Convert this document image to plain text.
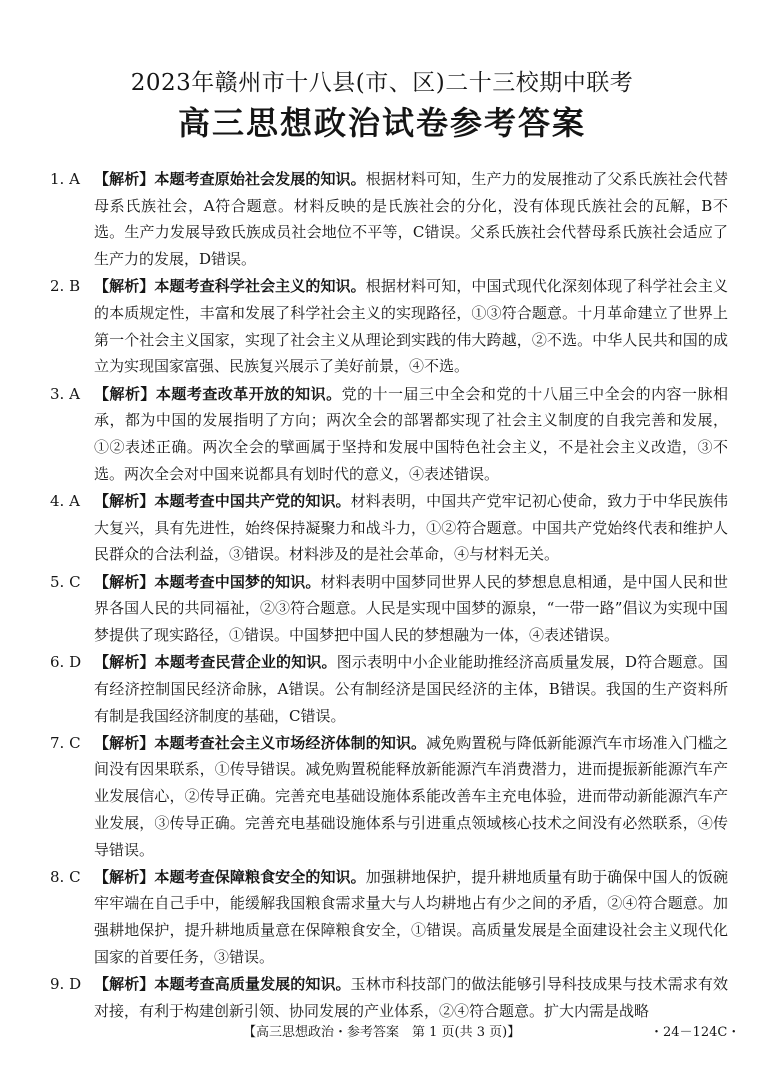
2023年赣州市十八县(市、区)二十三校期中联考
高三思想政治试卷参考答案
1. A 【解析】本题考查原始社会发展的知识。根据材料可知，生产力的发展推动了父系氏族社会代替母系氏族社会，A符合题意。材料反映的是氏族社会的分化，没有体现氏族社会的瓦解，B不选。生产力发展导致氏族成员社会地位不平等，C错误。父系氏族社会代替母系氏族社会适应了生产力的发展，D错误。
2. B 【解析】本题考查科学社会主义的知识。根据材料可知，中国式现代化深刻体现了科学社会主义的本质规定性，丰富和发展了科学社会主义的实现路径，①③符合题意。十月革命建立了世界上第一个社会主义国家，实现了社会主义从理论到实践的伟大跨越，②不选。中华人民共和国的成立为实现国家富强、民族复兴展示了美好前景，④不选。
3. A 【解析】本题考查改革开放的知识。党的十一届三中全会和党的十八届三中全会的内容一脉相承，都为中国的发展指明了方向；两次全会的部署都实现了社会主义制度的自我完善和发展，①②表述正确。两次全会的擘画属于坚持和发展中国特色社会主义，不是社会主义改造，③不选。两次全会对中国来说都具有划时代的意义，④表述错误。
4. A 【解析】本题考查中国共产党的知识。材料表明，中国共产党牢记初心使命，致力于中华民族伟大复兴，具有先进性，始终保持凝聚力和战斗力，①②符合题意。中国共产党始终代表和维护人民群众的合法利益，③错误。材料涉及的是社会革命，④与材料无关。
5. C 【解析】本题考查中国梦的知识。材料表明中国梦同世界人民的梦想息息相通，是中国人民和世界各国人民的共同福祉，②③符合题意。人民是实现中国梦的源泉，“一带一路”倡议为实现中国梦提供了现实路径，①错误。中国梦把中国人民的梦想融为一体，④表述错误。
6. D 【解析】本题考查民营企业的知识。图示表明中小企业能助推经济高质量发展，D符合题意。国有经济控制国民经济命脉，A错误。公有制经济是国民经济的主体，B错误。我国的生产资料所有制是我国经济制度的基础，C错误。
7. C 【解析】本题考查社会主义市场经济体制的知识。减免购置税与降低新能源汽车市场准入门槛之间没有因果联系，①传导错误。减免购置税能释放新能源汽车消费潜力，进而提振新能源汽车产业发展信心，②传导正确。完善充电基础设施体系能改善车主充电体验，进而带动新能源汽车产业发展，③传导正确。完善充电基础设施体系与引进重点领域核心技术之间没有必然联系，④传导错误。
8. C 【解析】本题考查保障粮食安全的知识。加强耕地保护，提升耕地质量有助于确保中国人的饭碗牢牢端在自己手中，能缓解我国粮食需求量大与人均耕地占有少之间的矛盾，②④符合题意。加强耕地保护，提升耕地质量意在保障粮食安全，①错误。高质量发展是全面建设社会主义现代化国家的首要任务，③错误。
9. D 【解析】本题考查高质量发展的知识。玉林市科技部门的做法能够引导科技成果与技术需求有效对接，有利于构建创新引领、协同发展的产业体系，②④符合题意。扩大内需是战略
【高三思想政治・参考答案　第 1 页(共 3 页)】	・24－124C・
